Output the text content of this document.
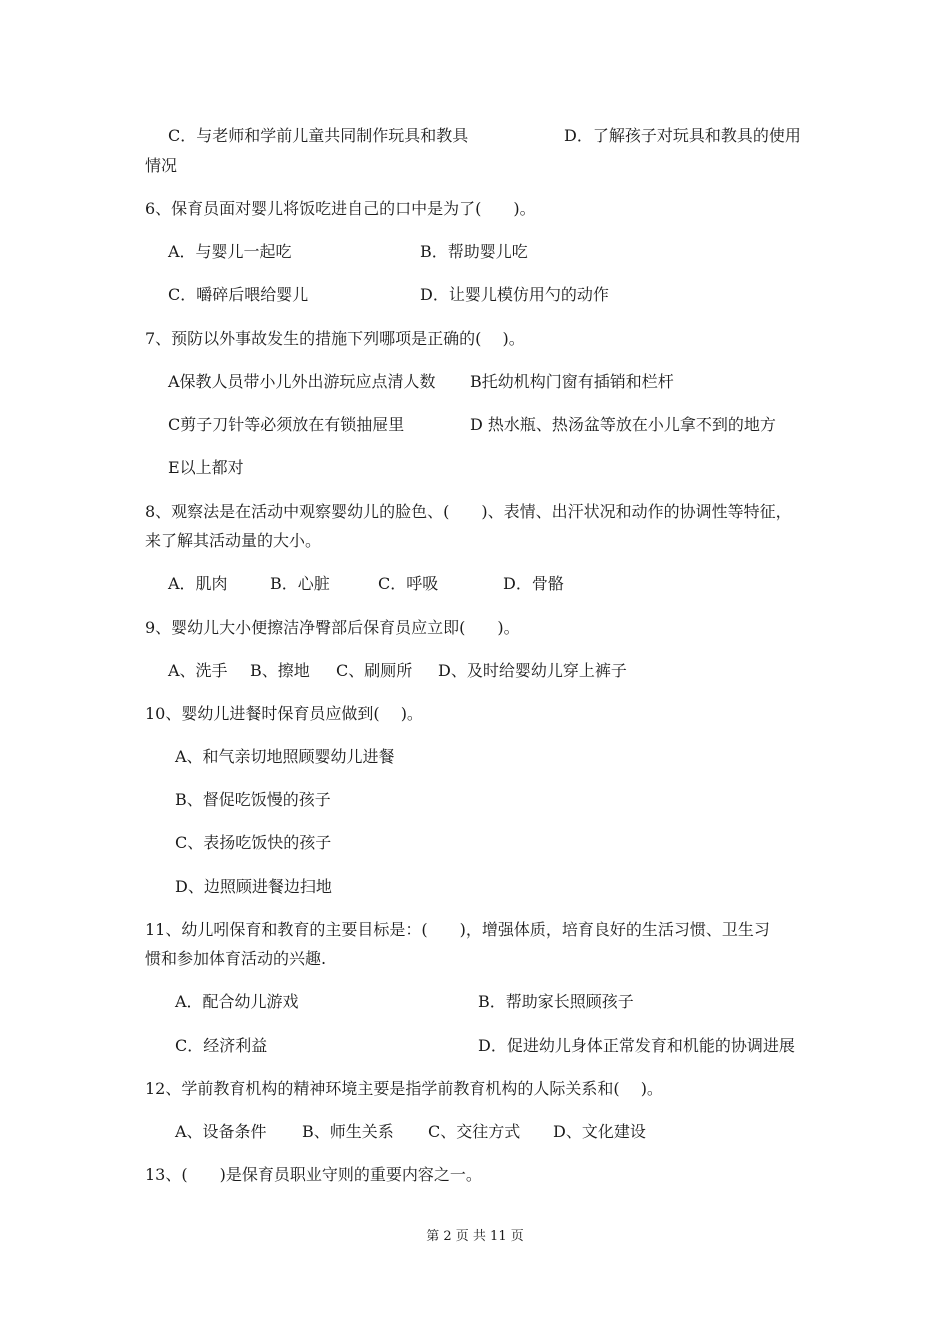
C．与老师和学前儿童共同制作玩具和教具	D．了解孩子对玩具和教具的使用
情况
6、保育员面对婴儿将饭吃进自己的口中是为了(　　)。
A．与婴儿一起吃	B．帮助婴儿吃
C．嚼碎后喂给婴儿	D．让婴儿模仿用勺的动作
7、预防以外事故发生的措施下列哪项是正确的(　 )。
A保教人员带小儿外出游玩应点清人数 B托幼机构门窗有插销和栏杆
C剪子刀针等必须放在有锁抽屉里	D 热水瓶、热汤盆等放在小儿拿不到的地方
E以上都对
8、观察法是在活动中观察婴幼儿的脸色、(　　)、表情、出汗状况和动作的协调性等特征，
来了解其活动量的大小。
A．肌肉	B．心脏	C．呼吸	D．骨骼
9、婴幼儿大小便擦洁净臀部后保育员应立即(　　)。
A、洗手 B、擦地 C、刷厕所 D、及时给婴幼儿穿上裤子
10、婴幼儿进餐时保育员应做到(　 )。
A、和气亲切地照顾婴幼儿进餐
B、督促吃饭慢的孩子
C、表扬吃饭快的孩子
D、边照顾进餐边扫地
11、幼儿吲保育和教育的主要目标是：(　　)，增强体质，培育良好的生活习惯、卫生习
惯和参加体育活动的兴趣.
A．配合幼儿游戏	B．帮助家长照顾孩子
C．经济利益	D．促进幼儿身体正常发育和机能的协调进展
12、学前教育机构的精神环境主要是指学前教育机构的人际关系和(　 )。
A、设备条件 B、师生关系 C、交往方式 D、文化建设
13、(　　)是保育员职业守则的重要内容之一。
第 2 页 共 11 页
